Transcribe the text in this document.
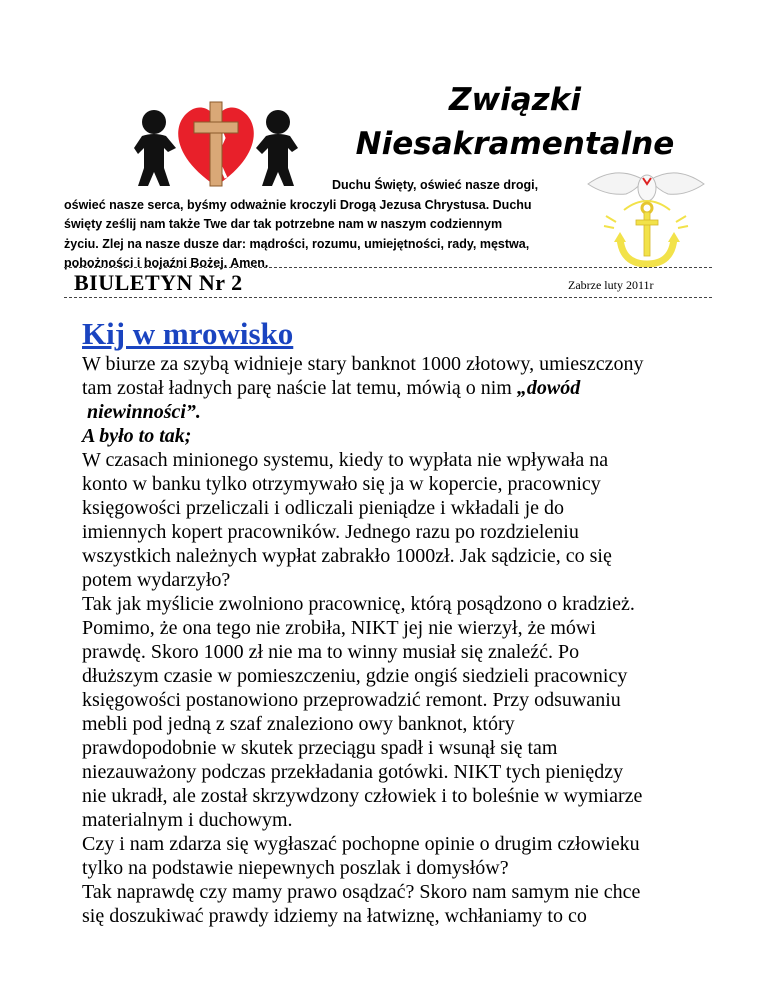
Związki
Niesakramentalne
Duchu Święty, oświeć nasze drogi,
oświeć nasze serca, byśmy odważnie kroczyli Drogą Jezusa Chrystusa. Duchu
święty ześlij nam także Twe dar tak potrzebne nam w naszym codziennym
życiu. Zlej na nasze dusze dar: mądrości, rozumu, umiejętności, rady, męstwa,
pobożności i bojaźni Bożej. Amen.
BIULETYN Nr 2	Zabrze luty 2011r
Kij w mrowisko
W biurze za szybą widnieje stary banknot 1000 złotowy, umieszczony
tam został ładnych parę naście lat temu, mówią o nim „dowód
niewinności”.
A było to tak;
W czasach minionego systemu, kiedy to wypłata nie wpływała na
konto w banku tylko otrzymywało się ja w kopercie, pracownicy
księgowości przeliczali i odliczali pieniądze i wkładali je do
imiennych kopert pracowników. Jednego razu po rozdzieleniu
wszystkich należnych wypłat zabrakło 1000zł. Jak sądzicie, co się
potem wydarzyło?
Tak jak myślicie zwolniono pracownicę, którą posądzono o kradzież.
Pomimo, że ona tego nie zrobiła, NIKT jej nie wierzył, że mówi
prawdę. Skoro 1000 zł nie ma to winny musiał się znaleźć. Po
dłuższym czasie w pomieszczeniu, gdzie ongiś siedzieli pracownicy
księgowości postanowiono przeprowadzić remont. Przy odsuwaniu
mebli pod jedną z szaf znaleziono owy banknot, który
prawdopodobnie w skutek przeciągu spadł i wsunął się tam
niezauważony podczas przekładania gotówki. NIKT tych pieniędzy
nie ukradł, ale został skrzywdzony człowiek i to boleśnie w wymiarze
materialnym i duchowym.
Czy i nam zdarza się wygłaszać pochopne opinie o drugim człowieku
tylko na podstawie niepewnych poszlak i domysłów?
Tak naprawdę czy mamy prawo osądzać? Skoro nam samym nie chce
się doszukiwać prawdy idziemy na łatwiznę, wchłaniamy to co
